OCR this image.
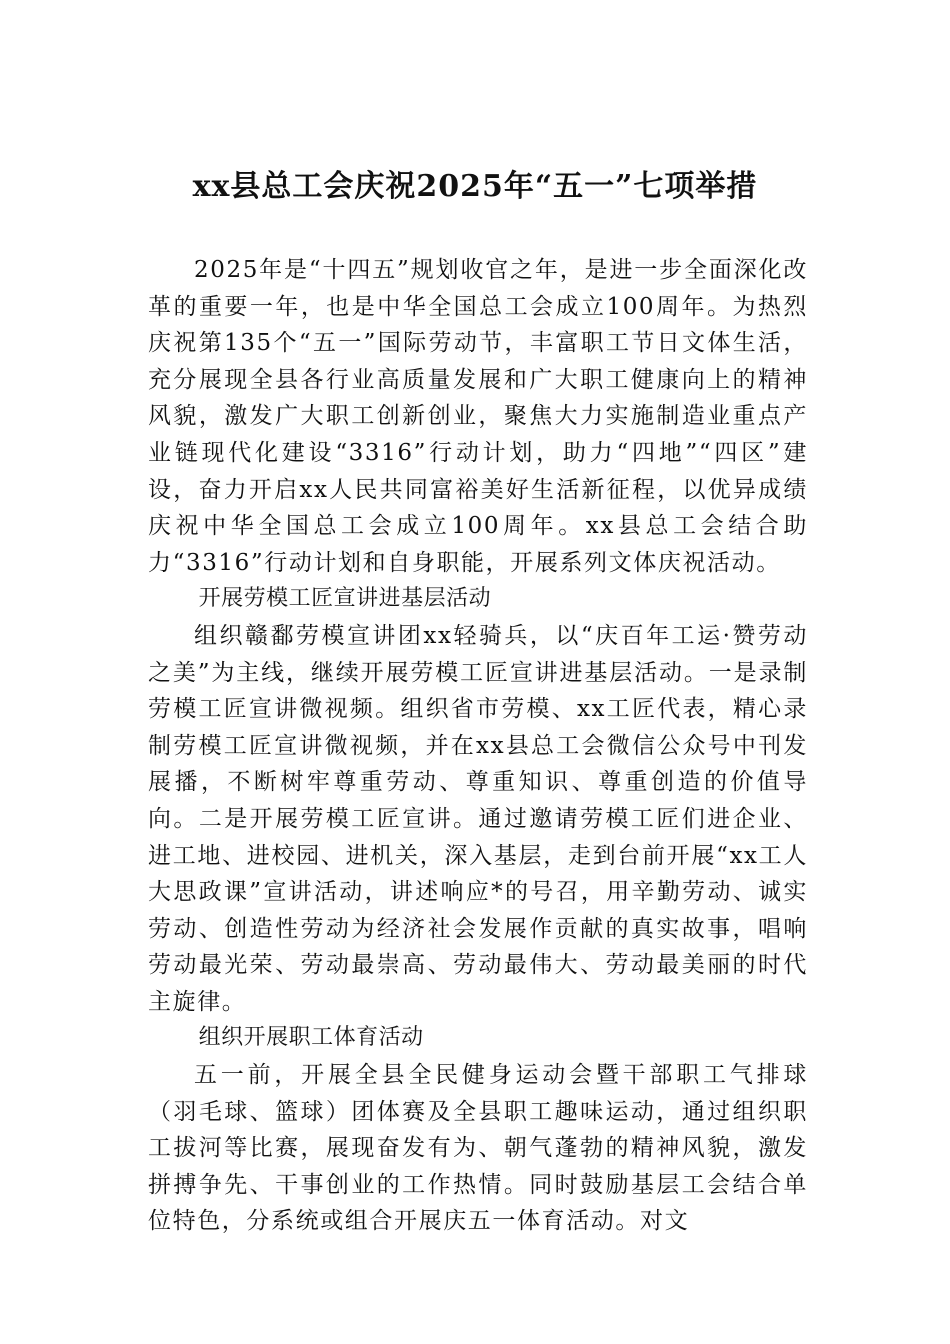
xx县总工会庆祝2025年“五一”七项举措

2025年是“十四五”规划收官之年，是进一步全面深化改革的重要一年，也是中华全国总工会成立100周年。为热烈庆祝第135个“五一”国际劳动节，丰富职工节日文体生活，充分展现全县各行业高质量发展和广大职工健康向上的精神风貌，激发广大职工创新创业，聚焦大力实施制造业重点产业链现代化建设“3316”行动计划，助力“四地”“四区”建设，奋力开启xx人民共同富裕美好生活新征程，以优异成绩庆祝中华全国总工会成立100周年。xx县总工会结合助力“3316”行动计划和自身职能，开展系列文体庆祝活动。

开展劳模工匠宣讲进基层活动

组织赣鄱劳模宣讲团xx轻骑兵，以“庆百年工运·赞劳动之美”为主线，继续开展劳模工匠宣讲进基层活动。一是录制劳模工匠宣讲微视频。组织省市劳模、xx工匠代表，精心录制劳模工匠宣讲微视频，并在xx县总工会微信公众号中刊发展播，不断树牢尊重劳动、尊重知识、尊重创造的价值导向。二是开展劳模工匠宣讲。通过邀请劳模工匠们进企业、进工地、进校园、进机关，深入基层，走到台前开展“xx工人大思政课”宣讲活动，讲述响应*的号召，用辛勤劳动、诚实劳动、创造性劳动为经济社会发展作贡献的真实故事，唱响劳动最光荣、劳动最崇高、劳动最伟大、劳动最美丽的时代主旋律。

组织开展职工体育活动

五一前，开展全县全民健身运动会暨干部职工气排球（羽毛球、篮球）团体赛及全县职工趣味运动，通过组织职工拔河等比赛，展现奋发有为、朝气蓬勃的精神风貌，激发拼搏争先、干事创业的工作热情。同时鼓励基层工会结合单位特色，分系统或组合开展庆五一体育活动。对文
